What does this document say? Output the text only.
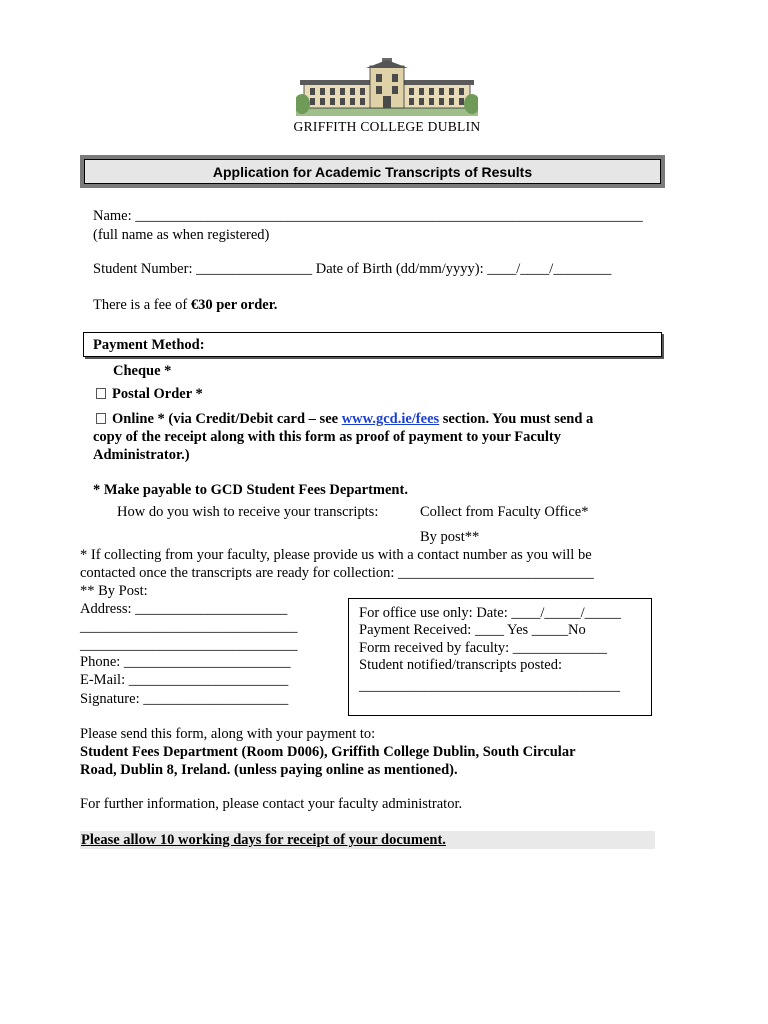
GRIFFITH COLLEGE DUBLIN
Application for Academic Transcripts of Results
Name: ______________________________________________________________________
(full name as when registered)
Student Number: ________________ Date of Birth (dd/mm/yyyy): ____/____/________
There is a fee of €30 per order.
Payment Method:
Cheque *
Postal Order *
Online * (via Credit/Debit card – see www.gcd.ie/fees section. You must send a
copy of the receipt along with this form as proof of payment to your Faculty
Administrator.)
* Make payable to GCD Student Fees Department.
How do you wish to receive your transcripts:	Collect from Faculty Office*
By post**
* If collecting from your faculty, please provide us with a contact number as you will be
contacted once the transcripts are ready for collection: ___________________________
** By Post:
Address: _____________________
______________________________
______________________________
Phone: _______________________
E-Mail: ______________________
Signature: ____________________
For office use only: Date: ____/_____/_____
Payment Received: ____ Yes _____No
Form received by faculty: _____________
Student notified/transcripts posted:
____________________________________
Please send this form, along with your payment to:
Student Fees Department (Room D006), Griffith College Dublin, South Circular
Road, Dublin 8, Ireland. (unless paying online as mentioned).
For further information, please contact your faculty administrator.
Please allow 10 working days for receipt of your document.
